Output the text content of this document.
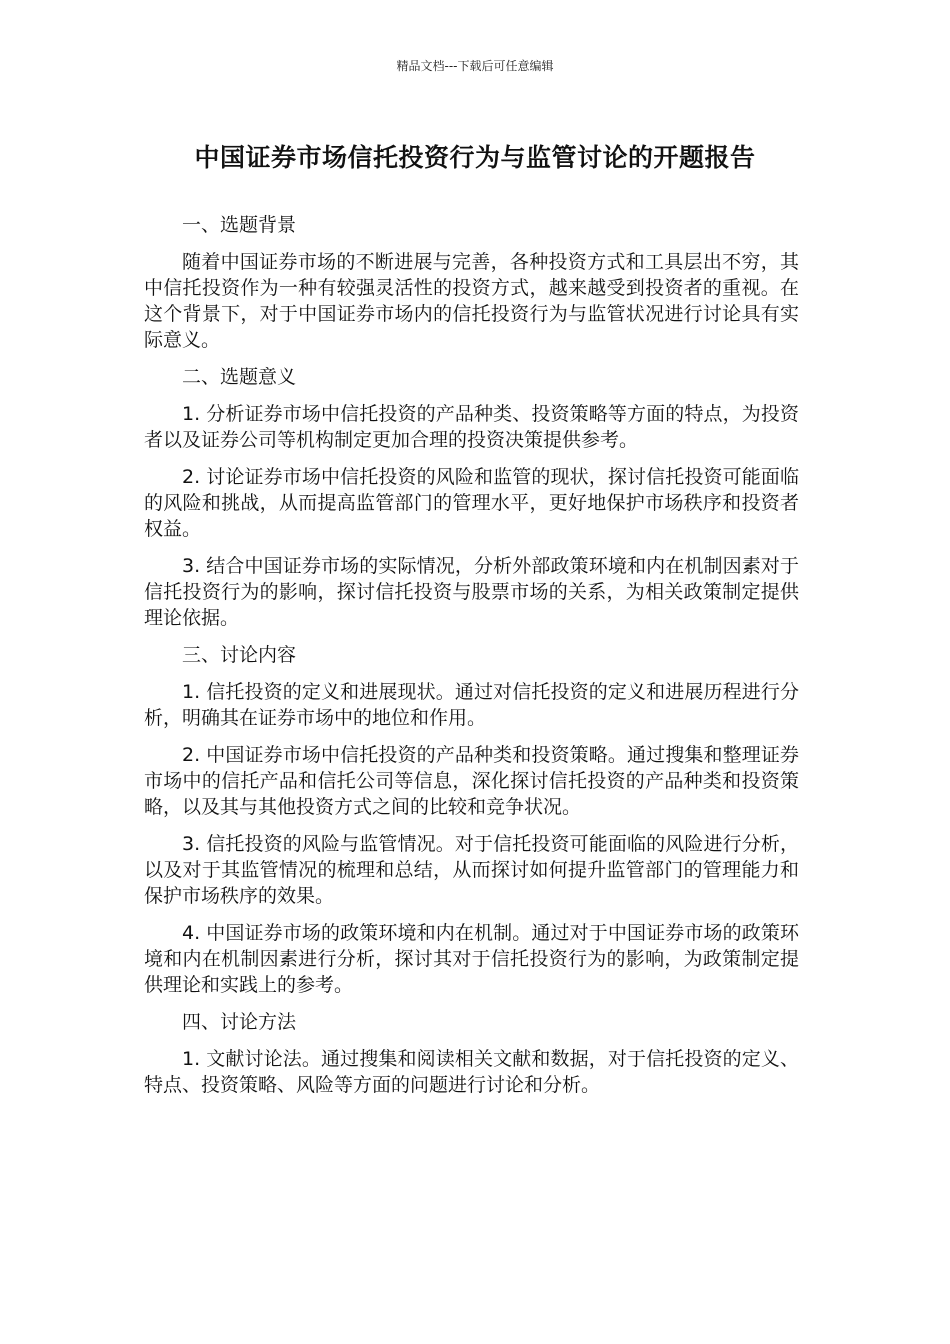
精品文档---下载后可任意编辑
中国证券市场信托投资行为与监管讨论的开题报告

一、选题背景

随着中国证券市场的不断进展与完善，各种投资方式和工具层出不穷，其中信托投资作为一种有较强灵活性的投资方式，越来越受到投资者的重视。在这个背景下，对于中国证券市场内的信托投资行为与监管状况进行讨论具有实际意义。

二、选题意义

1. 分析证券市场中信托投资的产品种类、投资策略等方面的特点，为投资者以及证券公司等机构制定更加合理的投资决策提供参考。

2. 讨论证券市场中信托投资的风险和监管的现状，探讨信托投资可能面临的风险和挑战，从而提高监管部门的管理水平，更好地保护市场秩序和投资者权益。

3. 结合中国证券市场的实际情况，分析外部政策环境和内在机制因素对于信托投资行为的影响，探讨信托投资与股票市场的关系，为相关政策制定提供理论依据。

三、讨论内容

1. 信托投资的定义和进展现状。通过对信托投资的定义和进展历程进行分析，明确其在证券市场中的地位和作用。

2. 中国证券市场中信托投资的产品种类和投资策略。通过搜集和整理证券市场中的信托产品和信托公司等信息，深化探讨信托投资的产品种类和投资策略，以及其与其他投资方式之间的比较和竞争状况。

3. 信托投资的风险与监管情况。对于信托投资可能面临的风险进行分析，以及对于其监管情况的梳理和总结，从而探讨如何提升监管部门的管理能力和保护市场秩序的效果。

4. 中国证券市场的政策环境和内在机制。通过对于中国证券市场的政策环境和内在机制因素进行分析，探讨其对于信托投资行为的影响，为政策制定提供理论和实践上的参考。

四、讨论方法

1. 文献讨论法。通过搜集和阅读相关文献和数据，对于信托投资的定义、特点、投资策略、风险等方面的问题进行讨论和分析。
